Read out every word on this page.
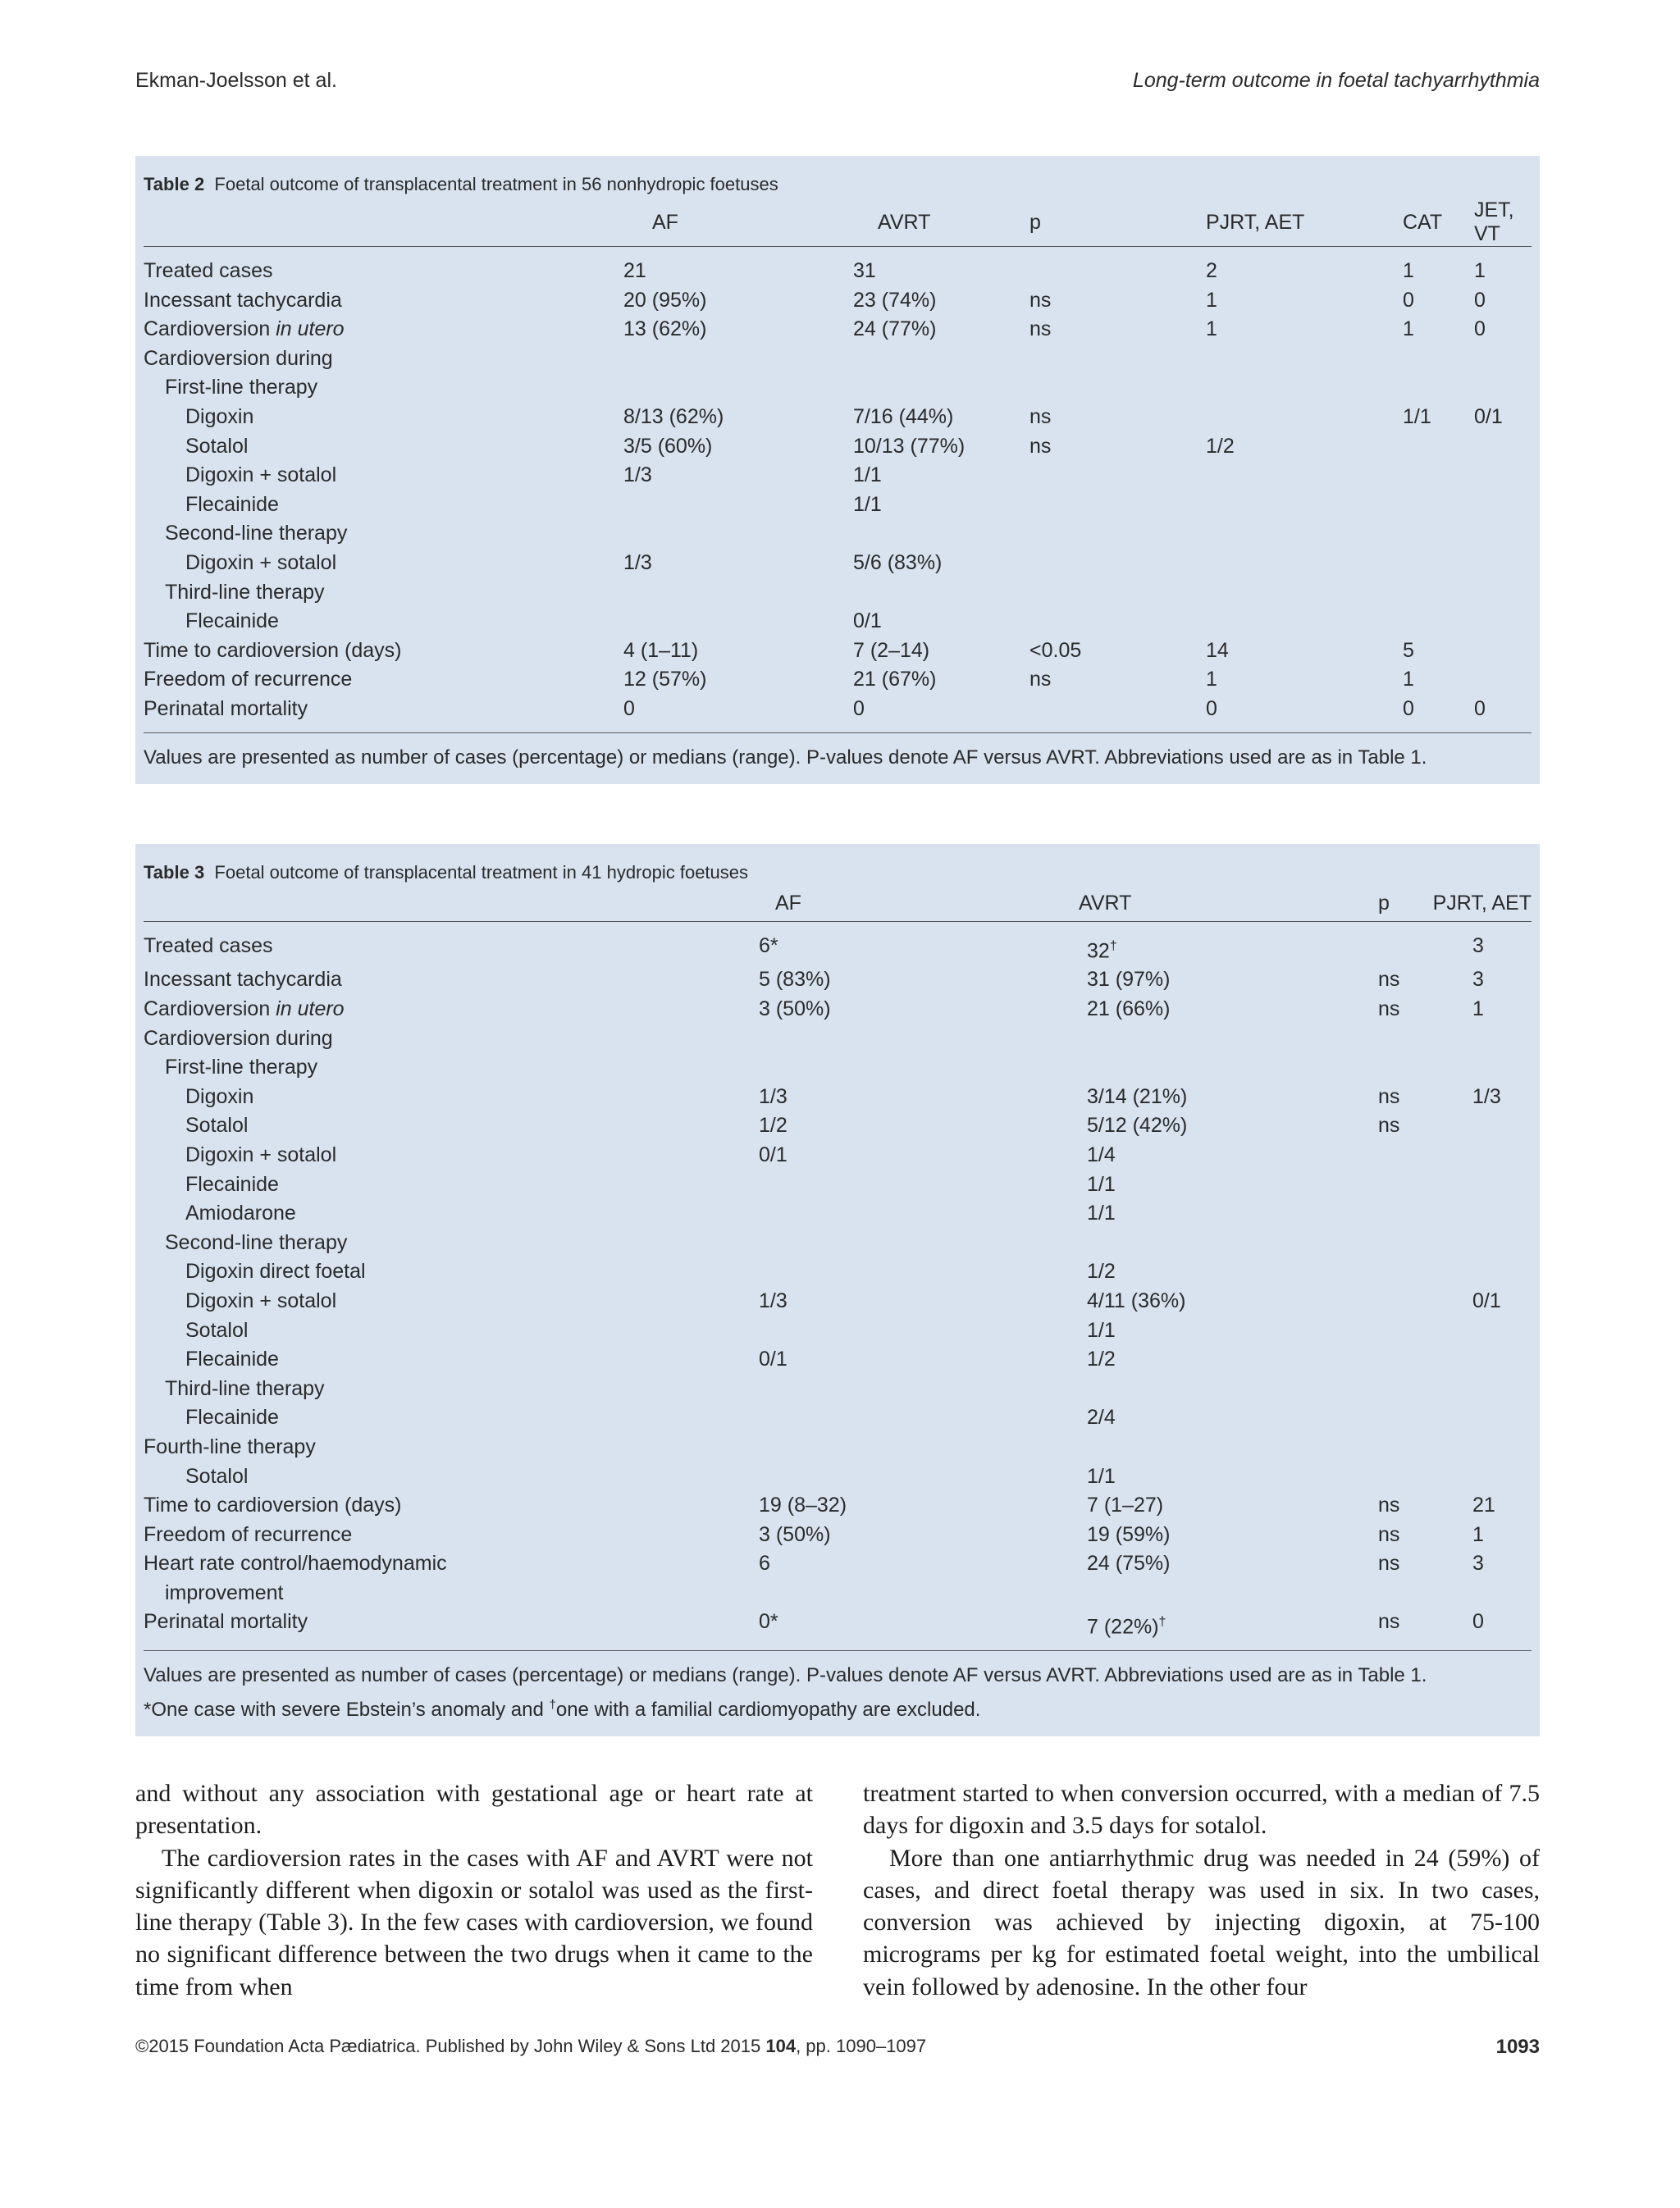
Ekman-Joelsson et al.	Long-term outcome in foetal tachyarrhythmia
Table 2 Foetal outcome of transplacental treatment in 56 nonhydropic foetuses
	AF	AVRT	p	PJRT, AET	CAT	JET, VT
Treated cases	21	31		2	1	1
Incessant tachycardia	20 (95%)	23 (74%)	ns	1	0	0
Cardioversion in utero	13 (62%)	24 (77%)	ns	1	1	0
Cardioversion during						
First-line therapy						
Digoxin	8/13 (62%)	7/16 (44%)	ns		1/1	0/1
Sotalol	3/5 (60%)	10/13 (77%)	ns	1/2		
Digoxin + sotalol	1/3	1/1				
Flecainide		1/1				
Second-line therapy						
Digoxin + sotalol	1/3	5/6 (83%)				
Third-line therapy						
Flecainide		0/1				
Time to cardioversion (days)	4 (1–11)	7 (2–14)	<0.05	14	5	
Freedom of recurrence	12 (57%)	21 (67%)	ns	1	1	
Perinatal mortality	0	0		0	0	0
Values are presented as number of cases (percentage) or medians (range). P-values denote AF versus AVRT. Abbreviations used are as in Table 1.
Table 3 Foetal outcome of transplacental treatment in 41 hydropic foetuses
	AF	AVRT	p	PJRT, AET
Treated cases	6*	32†		3
Incessant tachycardia	5 (83%)	31 (97%)	ns	3
Cardioversion in utero	3 (50%)	21 (66%)	ns	1
Cardioversion during				
First-line therapy				
Digoxin	1/3	3/14 (21%)	ns	1/3
Sotalol	1/2	5/12 (42%)	ns	
Digoxin + sotalol	0/1	1/4		
Flecainide		1/1		
Amiodarone		1/1		
Second-line therapy				
Digoxin direct foetal		1/2		
Digoxin + sotalol	1/3	4/11 (36%)		0/1
Sotalol		1/1		
Flecainide	0/1	1/2		
Third-line therapy				
Flecainide		2/4		
Fourth-line therapy				
Sotalol		1/1		
Time to cardioversion (days)	19 (8–32)	7 (1–27)	ns	21
Freedom of recurrence	3 (50%)	19 (59%)	ns	1
Heart rate control/haemodynamic	6	24 (75%)	ns	3
improvement				
Perinatal mortality	0*	7 (22%)†	ns	0
Values are presented as number of cases (percentage) or medians (range). P-values denote AF versus AVRT. Abbreviations used are as in Table 1.
*One case with severe Ebstein’s anomaly and †one with a familial cardiomyopathy are excluded.

and without any association with gestational age or heart rate at presentation.

The cardioversion rates in the cases with AF and AVRT were not significantly different when digoxin or sotalol was used as the first-line therapy (Table 3). In the few cases with cardioversion, we found no significant difference between the two drugs when it came to the time from when

treatment started to when conversion occurred, with a median of 7.5 days for digoxin and 3.5 days for sotalol.

More than one antiarrhythmic drug was needed in 24 (59%) of cases, and direct foetal therapy was used in six. In two cases, conversion was achieved by injecting digoxin, at 75-100 micrograms per kg for estimated foetal weight, into the umbilical vein followed by adenosine. In the other four

©2015 Foundation Acta Pædiatrica. Published by John Wiley & Sons Ltd 2015 104, pp. 1090–1097	1093
